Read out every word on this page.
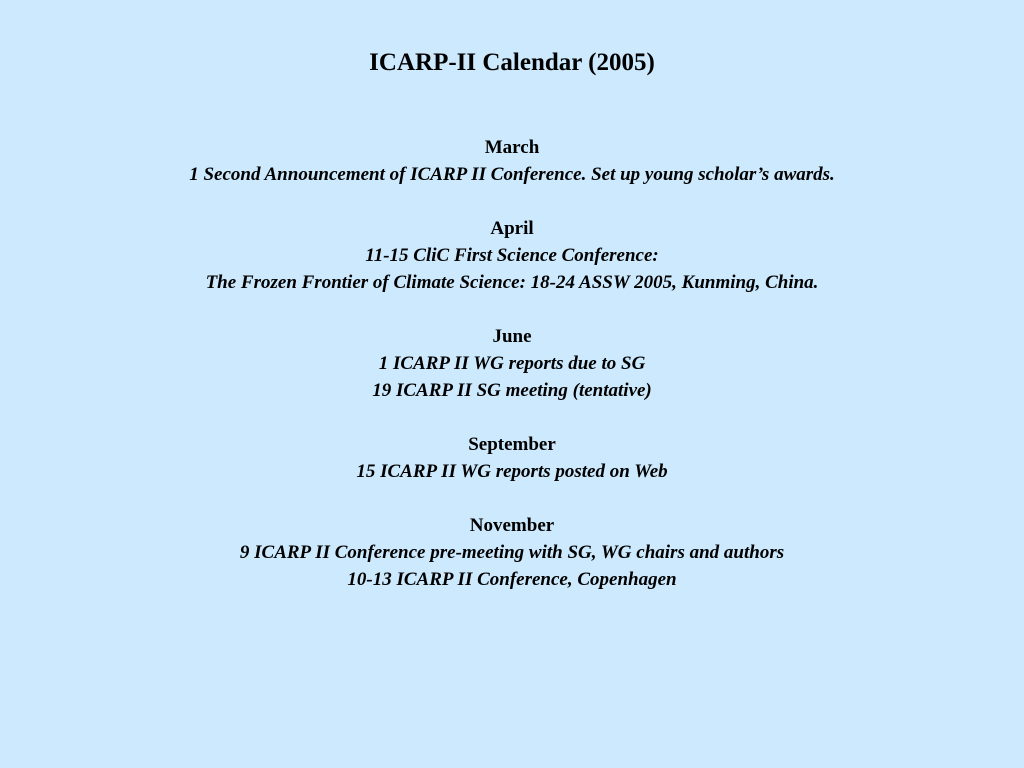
ICARP-II Calendar (2005)

March

1 Second Announcement of ICARP II Conference. Set up young scholar’s awards.

April

11-15 CliC First Science Conference:

The Frozen Frontier of Climate Science: 18-24 ASSW 2005, Kunming, China.

June

1 ICARP II WG reports due to SG

19 ICARP II SG meeting (tentative)

September

15 ICARP II WG reports posted on Web

November

9 ICARP II Conference pre-meeting with SG, WG chairs and authors

10-13 ICARP II Conference, Copenhagen
